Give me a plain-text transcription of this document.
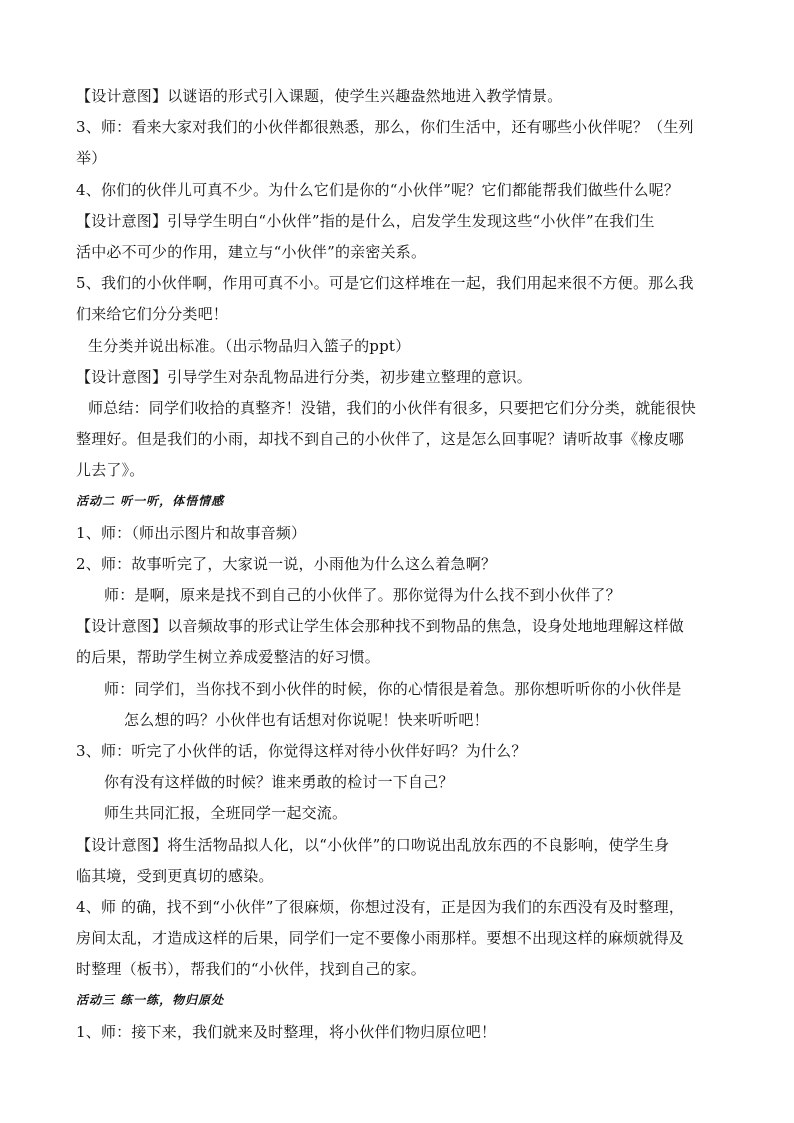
【设计意图】以谜语的形式引入课题，使学生兴趣盎然地进入教学情景。
3、师：看来大家对我们的小伙伴都很熟悉，那么，你们生活中，还有哪些小伙伴呢？（生列
举）
4、你们的伙伴儿可真不少。为什么它们是你的“小伙伴”呢？它们都能帮我们做些什么呢？
【设计意图】引导学生明白“小伙伴”指的是什么，启发学生发现这些“小伙伴”在我们生
活中必不可少的作用，建立与“小伙伴”的亲密关系。
5、我们的小伙伴啊，作用可真不小。可是它们这样堆在一起，我们用起来很不方便。那么我
们来给它们分分类吧！
生分类并说出标准。（出示物品归入篮子的ppt）
【设计意图】引导学生对杂乱物品进行分类，初步建立整理的意识。
师总结：同学们收拾的真整齐！没错，我们的小伙伴有很多，只要把它们分分类，就能很快
整理好。但是我们的小雨，却找不到自己的小伙伴了，这是怎么回事呢？请听故事《橡皮哪
儿去了》。
活动二 听一听，体悟情感
1、师：（师出示图片和故事音频）
2、师：故事听完了，大家说一说，小雨他为什么这么着急啊？
师：是啊，原来是找不到自己的小伙伴了。那你觉得为什么找不到小伙伴了？
【设计意图】以音频故事的形式让学生体会那种找不到物品的焦急，设身处地地理解这样做
的后果，帮助学生树立养成爱整洁的好习惯。
师：同学们，当你找不到小伙伴的时候，你的心情很是着急。那你想听听你的小伙伴是
怎么想的吗？小伙伴也有话想对你说呢！快来听听吧！
3、师：听完了小伙伴的话，你觉得这样对待小伙伴好吗？为什么？
你有没有这样做的时候？谁来勇敢的检讨一下自己？
师生共同汇报，全班同学一起交流。
【设计意图】将生活物品拟人化，以“小伙伴”的口吻说出乱放东西的不良影响，使学生身
临其境，受到更真切的感染。
4、师 的确，找不到“小伙伴”了很麻烦，你想过没有，正是因为我们的东西没有及时整理，
房间太乱，才造成这样的后果，同学们一定不要像小雨那样。要想不出现这样的麻烦就得及
时整理（板书），帮我们的“小伙伴，找到自己的家。
活动三 练一练，物归原处
1、师：接下来，我们就来及时整理，将小伙伴们物归原位吧！
